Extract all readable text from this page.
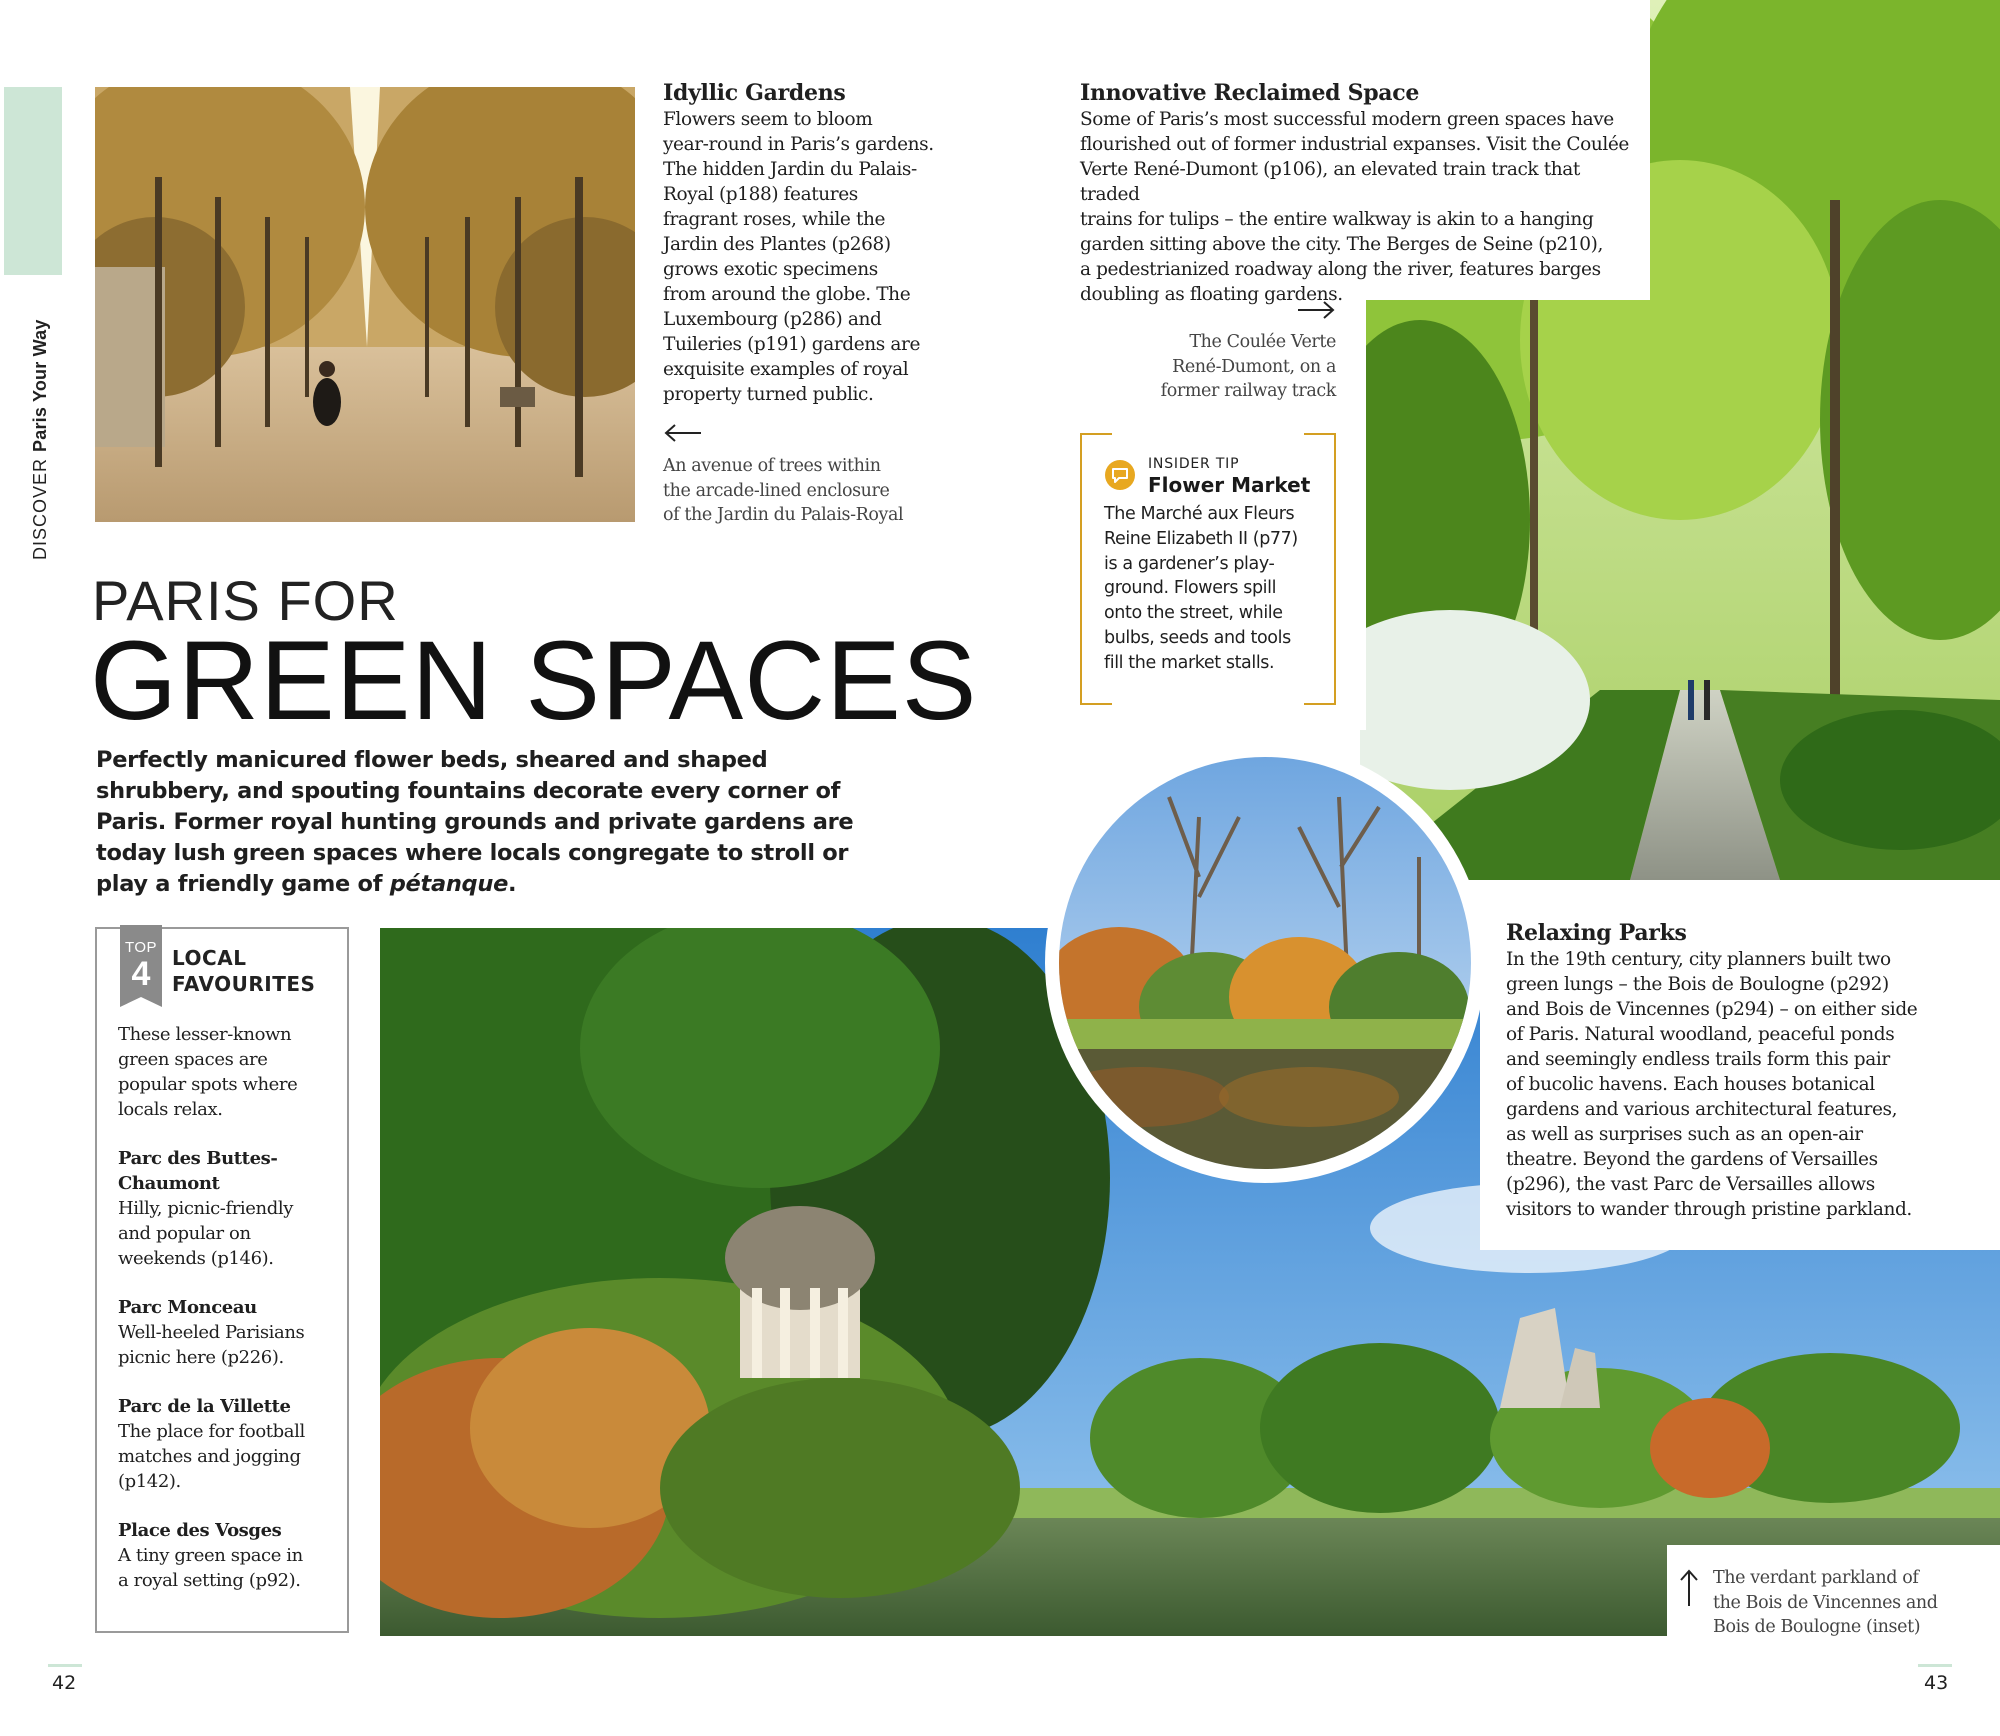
DISCOVER Paris Your Way
Idyllic Gardens
Flowers seem to bloom
year-round in Paris’s gardens.
The hidden Jardin du Palais-
Royal (p188) features
fragrant roses, while the
Jardin des Plantes (p268)
grows exotic specimens
from around the globe. The
Luxembourg (p286) and
Tuileries (p191) gardens are
exquisite examples of royal
property turned public.
An avenue of trees within
the arcade-lined enclosure
of the Jardin du Palais-Royal
Innovative Reclaimed Space
Some of Paris’s most successful modern green spaces have
flourished out of former industrial expanses. Visit the Coulée
Verte René-Dumont (p106), an elevated train track that traded
trains for tulips – the entire walkway is akin to a hanging
garden sitting above the city. The Berges de Seine (p210),
a pedestrianized roadway along the river, features barges
doubling as floating gardens.
The Coulée Verte
René-Dumont, on a
former railway track
INSIDER TIP
Flower Market
The Marché aux Fleurs
Reine Elizabeth II (p77)
is a gardener’s play-
ground. Flowers spill
onto the street, while
bulbs, seeds and tools
fill the market stalls.
PARIS FOR
GREEN SPACES
Perfectly manicured flower beds, sheared and shaped shrubbery, and spouting fountains decorate every corner of Paris. Former royal hunting grounds and private gardens are today lush green spaces where locals congregate to stroll or play a friendly game of pétanque.
TOP
4	LOCAL
FAVOURITES
These lesser-known
green spaces are
popular spots where
locals relax.
Parc des Buttes-
Chaumont
Hilly, picnic-friendly
and popular on
weekends (p146).
Parc Monceau
Well-heeled Parisians
picnic here (p226).
Parc de la Villette
The place for football
matches and jogging
(p142).
Place des Vosges
A tiny green space in
a royal setting (p92).
Relaxing Parks
In the 19th century, city planners built two
green lungs – the Bois de Boulogne (p292)
and Bois de Vincennes (p294) – on either side
of Paris. Natural woodland, peaceful ponds
and seemingly endless trails form this pair
of bucolic havens. Each houses botanical
gardens and various architectural features,
as well as surprises such as an open-air
theatre. Beyond the gardens of Versailles
(p296), the vast Parc de Versailles allows
visitors to wander through pristine parkland.
The verdant parkland of
the Bois de Vincennes and
Bois de Boulogne (inset)
42	43
